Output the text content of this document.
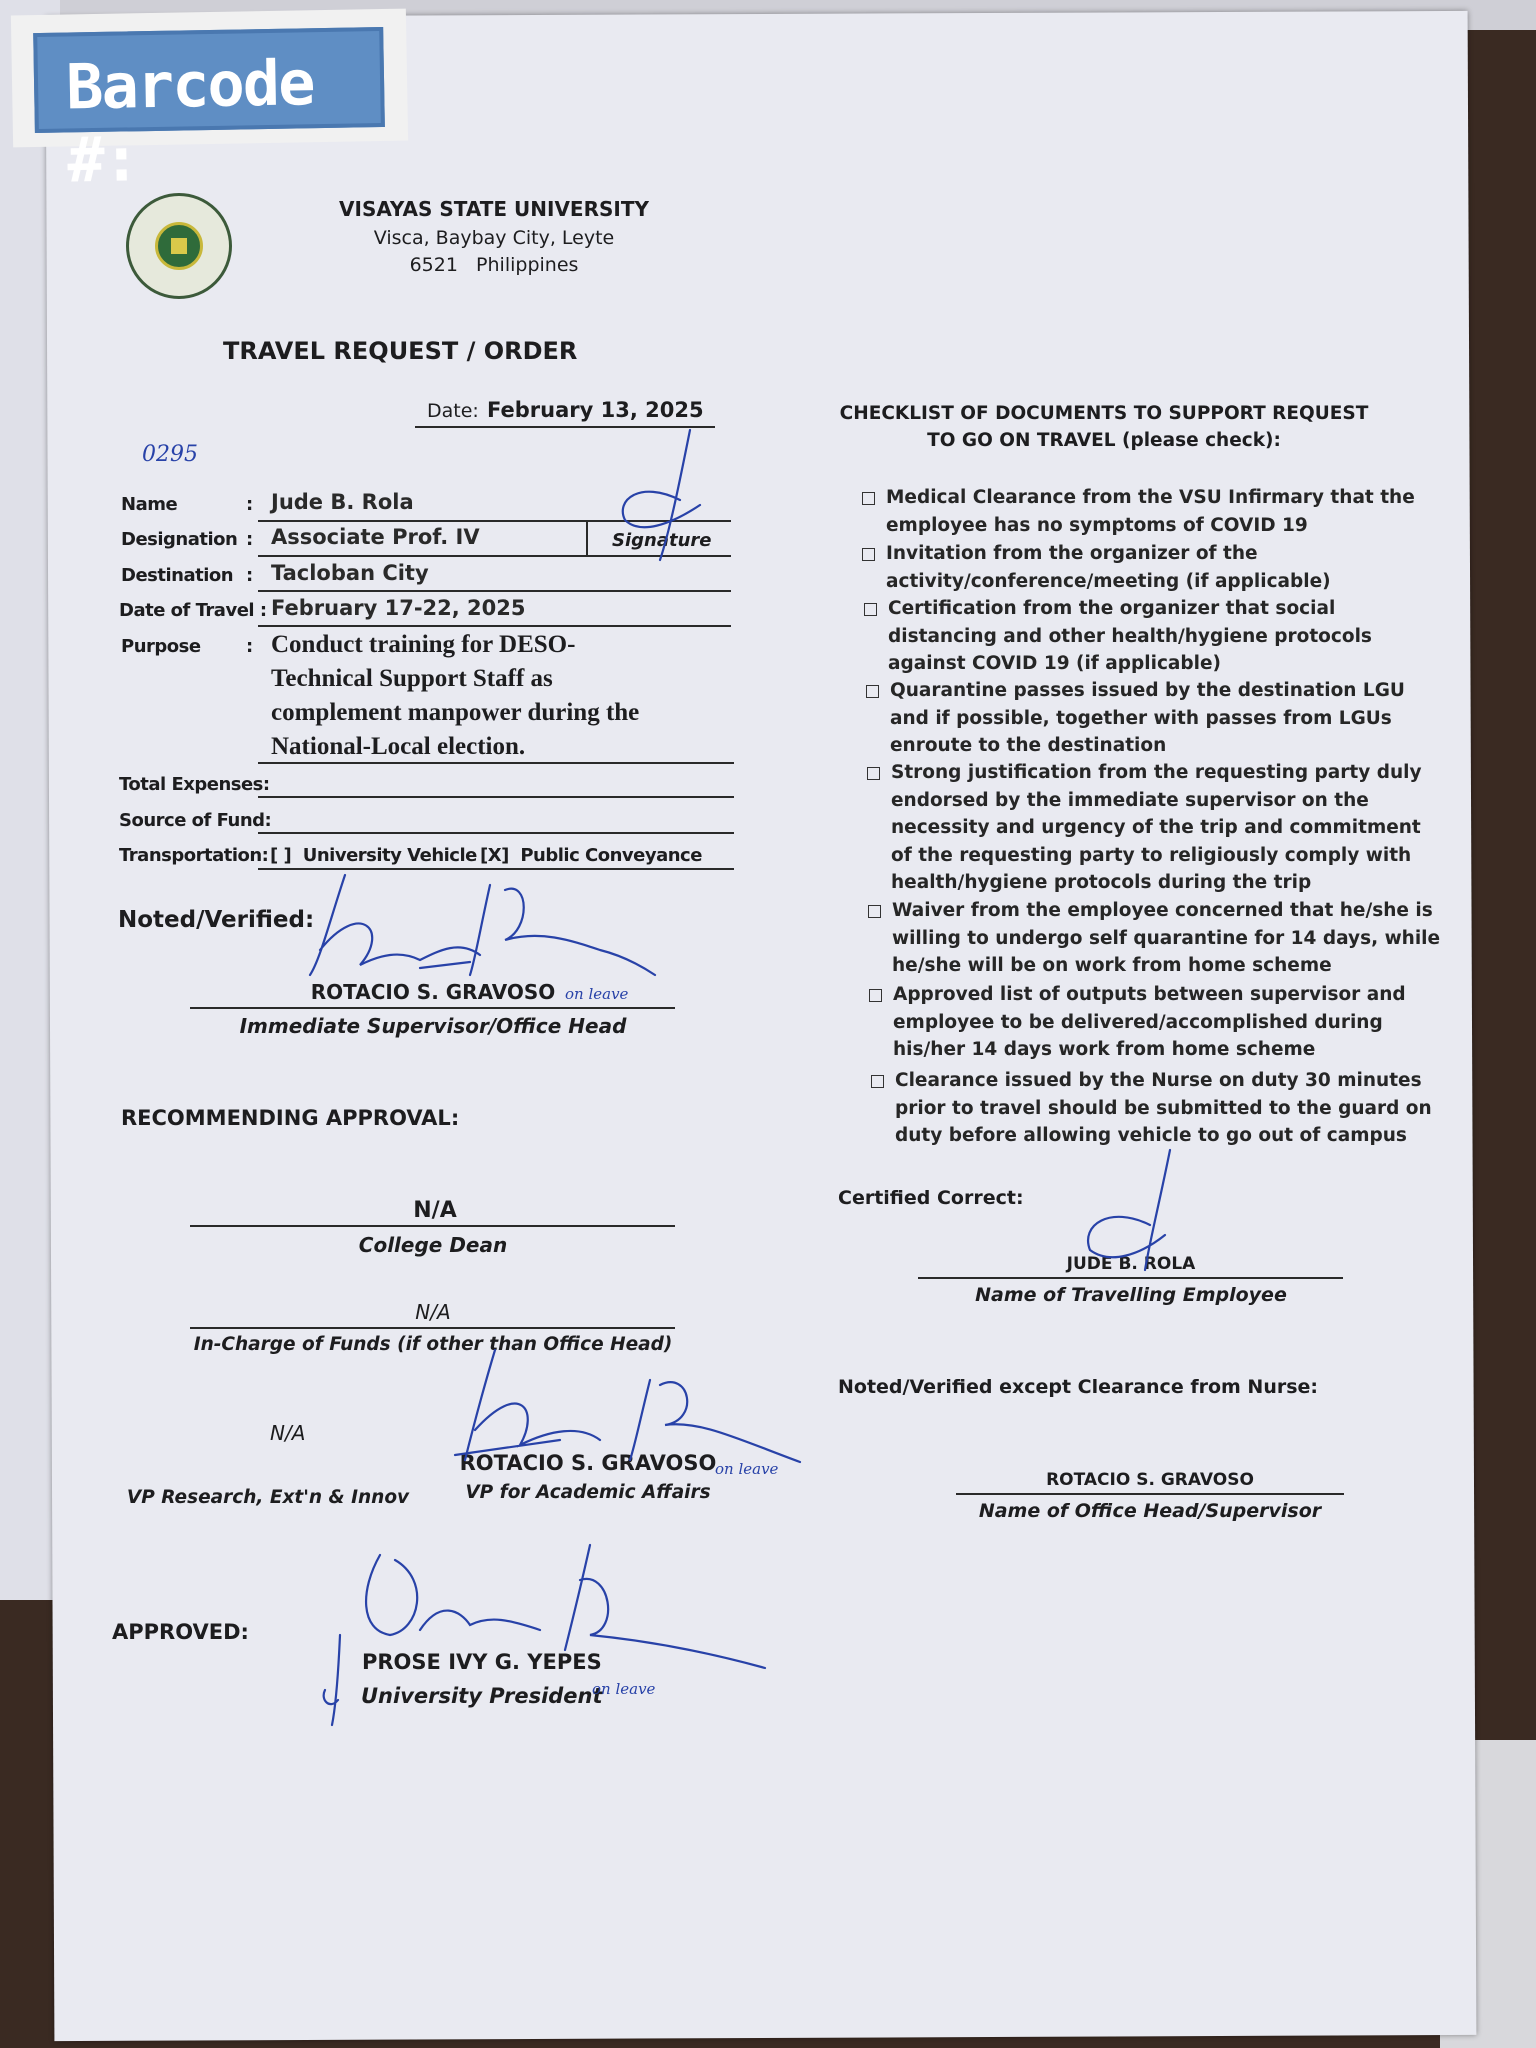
Barcode #:
VISAYAS STATE UNIVERSITY
Visca, Baybay City, Leyte
6521   Philippines
TRAVEL REQUEST / ORDER
Date: February 13, 2025
0295
Name	: Jude B. Rola
Designation : Associate Prof. IV	Signature
Destination : Tacloban City
Date of Travel : February 17-22, 2025
Purpose	: Conduct training for DESO-
Technical Support Staff as
complement manpower during the
National-Local election.
Total Expenses:
Source of Fund:
Transportation: [ ]  University Vehicle [X]  Public Conveyance
Noted/Verified:
ROTACIO S. GRAVOSO on leave
Immediate Supervisor/Office Head
RECOMMENDING APPROVAL:
N/A
College Dean
N/A
In-Charge of Funds (if other than Office Head)
N/A
VP Research, Ext'n & Innov
ROTACIO S. GRAVOSO
on leave
VP for Academic Affairs
APPROVED:
PROSE IVY G. YEPES
University President
on leave
CHECKLIST OF DOCUMENTS TO SUPPORT REQUEST
TO GO ON TRAVEL (please check):
Medical Clearance from the VSU Infirmary that the
employee has no symptoms of COVID 19
Invitation from the organizer of the
activity/conference/meeting (if applicable)
Certification from the organizer that social
distancing and other health/hygiene protocols
against COVID 19 (if applicable)
Quarantine passes issued by the destination LGU
and if possible, together with passes from LGUs
enroute to the destination
Strong justification from the requesting party duly
endorsed by the immediate supervisor on the
necessity and urgency of the trip and commitment
of the requesting party to religiously comply with
health/hygiene protocols during the trip
Waiver from the employee concerned that he/she is
willing to undergo self quarantine for 14 days, while
he/she will be on work from home scheme
Approved list of outputs between supervisor and
employee to be delivered/accomplished during
his/her 14 days work from home scheme
Clearance issued by the Nurse on duty 30 minutes
prior to travel should be submitted to the guard on
duty before allowing vehicle to go out of campus
Certified Correct:
JUDE B. ROLA
Name of Travelling Employee
Noted/Verified except Clearance from Nurse:
ROTACIO S. GRAVOSO
Name of Office Head/Supervisor
